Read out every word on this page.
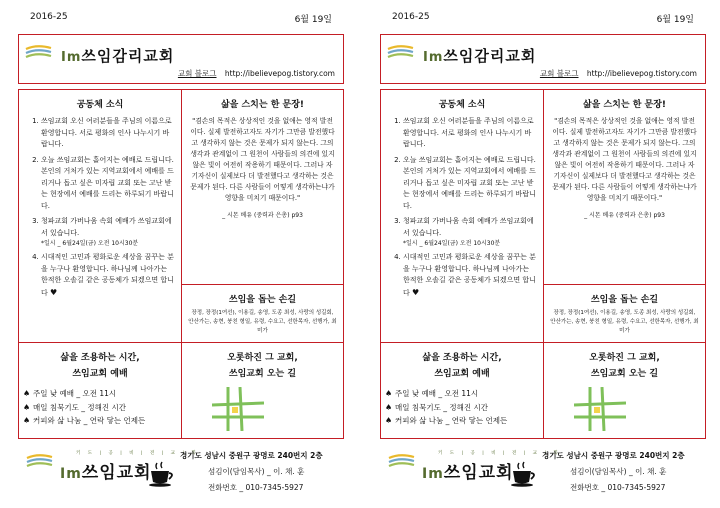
2016-25	6월 19일
Im쓰임감리교회
교회 블로그 http://ibelievepog.tistory.com
공동체 소식
1. 쓰임교회 오신 여러분들을 주님의 이름으로 환영합니다. 서로 평화의 인사 나누시기 바랍니다.
2. 오늘 쓰임교회는 흩어지는 예배로 드립니다. 본인의 거처가 있는 지역교회에서 예배를 드리거나 돕고 싶은 미자립 교회 또는 고난 받는 현장에서 예배를 드리는 하루되기 바랍니다.
3. 청파교회 가버나움 속회 예배가 쓰임교회에서 있습니다.
*일시 _ 6월24일(금) 오전 10시30분
4. 시대적인 고민과 평화로운 세상을 꿈꾸는 분을 누구나 환영합니다. 하나님께 나아가는 한적한 오솔길 같은 공동체가 되겠으면 합니다 ♥
삶을 스치는 한 문장!
"겸손의 목적은 상상적인 것을 없애는 영적 발전이다. 실제 발전하고자도 자기가 그만큼 발전했다고 생각하지 않는 것은 문제가 되지 않는다. 그의 생각과 관계없이 그 원천이 사람들의 의견에 있지 않은 빛이 여전히 작용하기 때문이다. 그러나 자기자신이 실제보다 더 발전했다고 생각하는 것은 문제가 된다. 다른 사람들이 어떻게 생각하는냐가 영향을 미치기 때문이다."
_ 시몬 베유 (중력과 은총) p93
쓰임을 돕는 손길
장정, 장정(1여선), 이용길, 송영, 도종 최성, 사랑의 성길회, 안산가는, 송현, 붕친 형일, 유령, 수요고, 선한목자, 선행가, 최미가
삶을 조용하는 시간,
쓰임교회 예배
♠ 주일 낮 예배 _ 오전 11시
♠ 매일 침묵기도 _ 정해진 시간
♠ 커피와 삶 나눔 _ 연락 닿는 언제든
오롯하진 그 교회,
쓰임교회 오는 길
키 도 | 공 | 비 | 전 | 교 | 회
Im쓰임교회
경기도 성남시 중원구 광명로 240번지 2층
섬김이(담임목사) _ 이. 채. 훈
전화번호 _ 010-7345-5927
2016-25	6월 19일
Im쓰임감리교회
교회 블로그 http://ibelievepog.tistory.com
공동체 소식
1. 쓰임교회 오신 여러분들을 주님의 이름으로 환영합니다. 서로 평화의 인사 나누시기 바랍니다.
2. 오늘 쓰임교회는 흩어지는 예배로 드립니다. 본인의 거처가 있는 지역교회에서 예배를 드리거나 돕고 싶은 미자립 교회 또는 고난 받는 현장에서 예배를 드리는 하루되기 바랍니다.
3. 청파교회 가버나움 속회 예배가 쓰임교회에서 있습니다.
*일시 _ 6월24일(금) 오전 10시30분
4. 시대적인 고민과 평화로운 세상을 꿈꾸는 분을 누구나 환영합니다. 하나님께 나아가는 한적한 오솔길 같은 공동체가 되겠으면 합니다 ♥
삶을 스치는 한 문장!
"겸손의 목적은 상상적인 것을 없애는 영적 발전이다. 실제 발전하고자도 자기가 그만큼 발전했다고 생각하지 않는 것은 문제가 되지 않는다. 그의 생각과 관계없이 그 원천이 사람들의 의견에 있지 않은 빛이 여전히 작용하기 때문이다. 그러나 자기자신이 실제보다 더 발전했다고 생각하는 것은 문제가 된다. 다른 사람들이 어떻게 생각하는냐가 영향을 미치기 때문이다."
_ 시몬 베유 (중력과 은총) p93
쓰임을 돕는 손길
장정, 장정(1여선), 이용길, 송영, 도종 최성, 사랑의 성길회, 안산가는, 송현, 붕친 형일, 유령, 수요고, 선한목자, 선행가, 최미가
삶을 조용하는 시간,
쓰임교회 예배
♠ 주일 낮 예배 _ 오전 11시
♠ 매일 침묵기도 _ 정해진 시간
♠ 커피와 삶 나눔 _ 연락 닿는 언제든
오롯하진 그 교회,
쓰임교회 오는 길
키 도 | 공 | 비 | 전 | 교 | 회
Im쓰임교회
경기도 성남시 중원구 광명로 240번지 2층
섬김이(담임목사) _ 이. 채. 훈
전화번호 _ 010-7345-5927
